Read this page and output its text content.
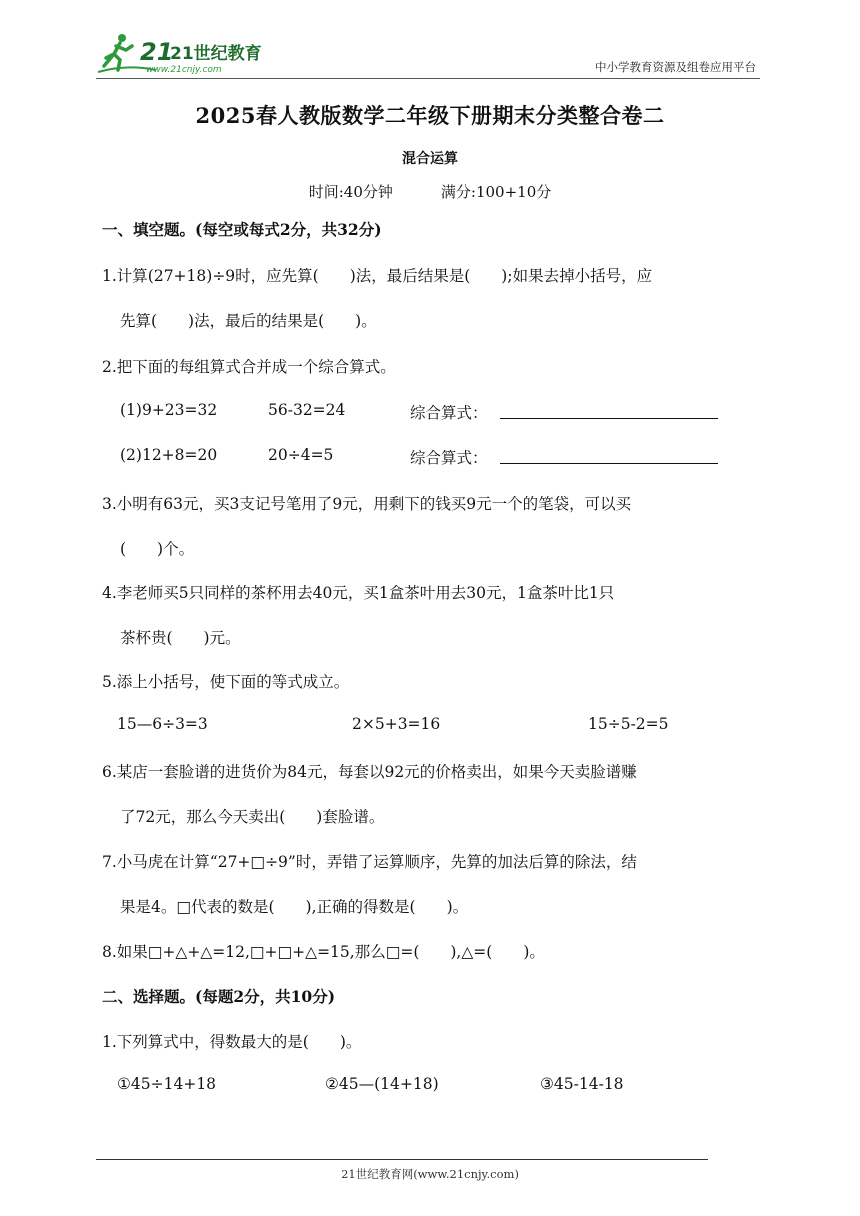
21
21世纪教育
www.21cnjy.com	中小学教育资源及组卷应用平台
2025春人教版数学二年级下册期末分类整合卷二
混合运算
时间:40分钟	满分:100+10分
一、填空题。(每空或每式2分，共32分)
1.计算(27+18)÷9时，应先算(　　)法，最后结果是(　　);如果去掉小括号，应
先算(　　)法，最后的结果是(　　)。
2.把下面的每组算式合并成一个综合算式。
(1)9+23=32	56-32=24	综合算式：
(2)12+8=20	20÷4=5	综合算式：
3.小明有63元，买3支记号笔用了9元，用剩下的钱买9元一个的笔袋，可以买
(　　)个。
4.李老师买5只同样的茶杯用去40元，买1盒茶叶用去30元，1盒茶叶比1只
茶杯贵(　　)元。
5.添上小括号，使下面的等式成立。
15—6÷3=3	2×5+3=16	15÷5-2=5
6.某店一套脸谱的进货价为84元，每套以92元的价格卖出，如果今天卖脸谱赚
了72元，那么今天卖出(　　)套脸谱。
7.小马虎在计算“27+□÷9”时，弄错了运算顺序，先算的加法后算的除法，结
果是4。□代表的数是(　　),正确的得数是(　　)。
8.如果□+△+△=12,□+□+△=15,那么□=(　　),△=(　　)。
二、选择题。(每题2分，共10分)
1.下列算式中，得数最大的是(　　)。
①45÷14+18	②45—(14+18)	③45-14-18
21世纪教育网(www.21cnjy.com)
